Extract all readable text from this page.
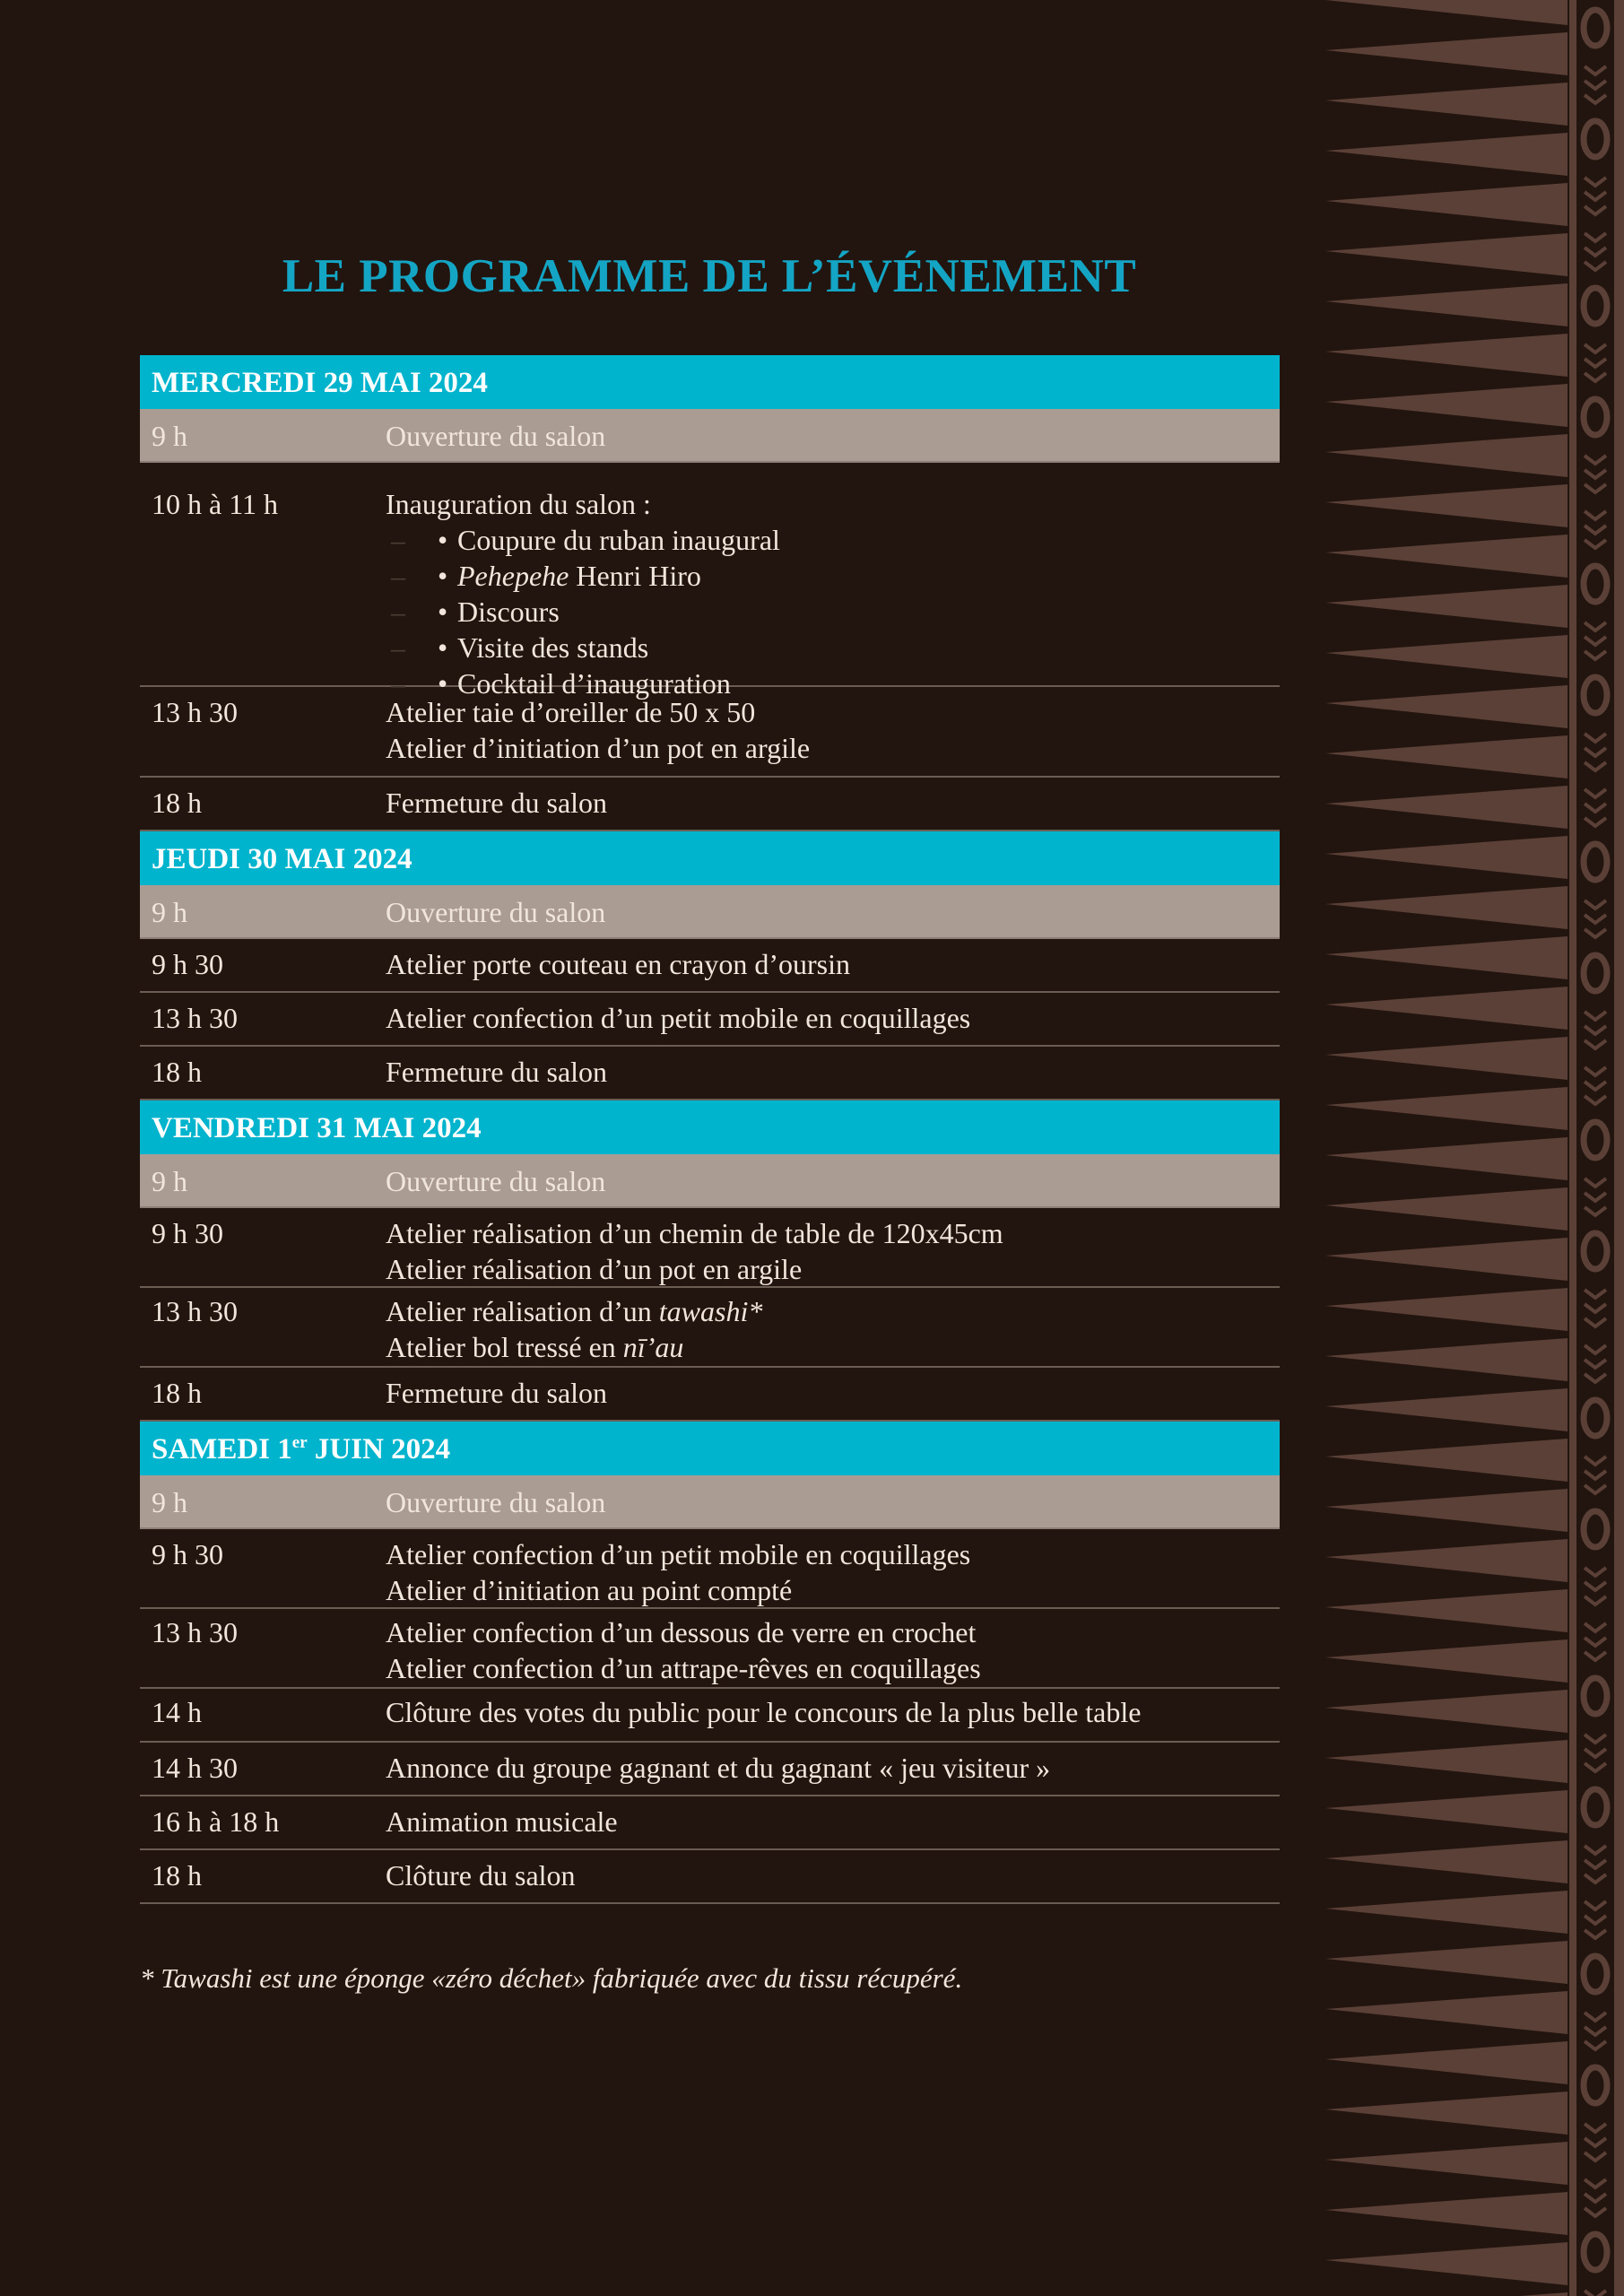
LE PROGRAMME DE L’ÉVÉNEMENT
MERCREDI 29 MAI 2024
9 h	Ouverture du salon
10 h à 11 h	Inauguration du salon :
–	• Coupure du ruban inaugural
–	• Pehepehe Henri Hiro
–	• Discours
–	• Visite des stands
–	• Cocktail d’inauguration
13 h 30	Atelier taie d’oreiller de 50 x 50
Atelier d’initiation d’un pot en argile
18 h	Fermeture du salon
JEUDI 30 MAI 2024
9 h	Ouverture du salon
9 h 30	Atelier porte couteau en crayon d’oursin
13 h 30	Atelier confection d’un petit mobile en coquillages
18 h	Fermeture du salon
VENDREDI 31 MAI 2024
9 h	Ouverture du salon
9 h 30	Atelier réalisation d’un chemin de table de 120x45cm
Atelier réalisation d’un pot en argile
13 h 30	Atelier réalisation d’un tawashi*
Atelier bol tressé en nī’au
18 h	Fermeture du salon
SAMEDI 1er JUIN 2024
9 h	Ouverture du salon
9 h 30	Atelier confection d’un petit mobile en coquillages
Atelier d’initiation au point compté
13 h 30	Atelier confection d’un dessous de verre en crochet
Atelier confection d’un attrape-rêves en coquillages
14 h	Clôture des votes du public pour le concours de la plus belle table
14 h 30	Annonce du groupe gagnant et du gagnant « jeu visiteur »
16 h à 18 h	Animation musicale
18 h	Clôture du salon

* Tawashi est une éponge «zéro déchet» fabriquée avec du tissu récupéré.
